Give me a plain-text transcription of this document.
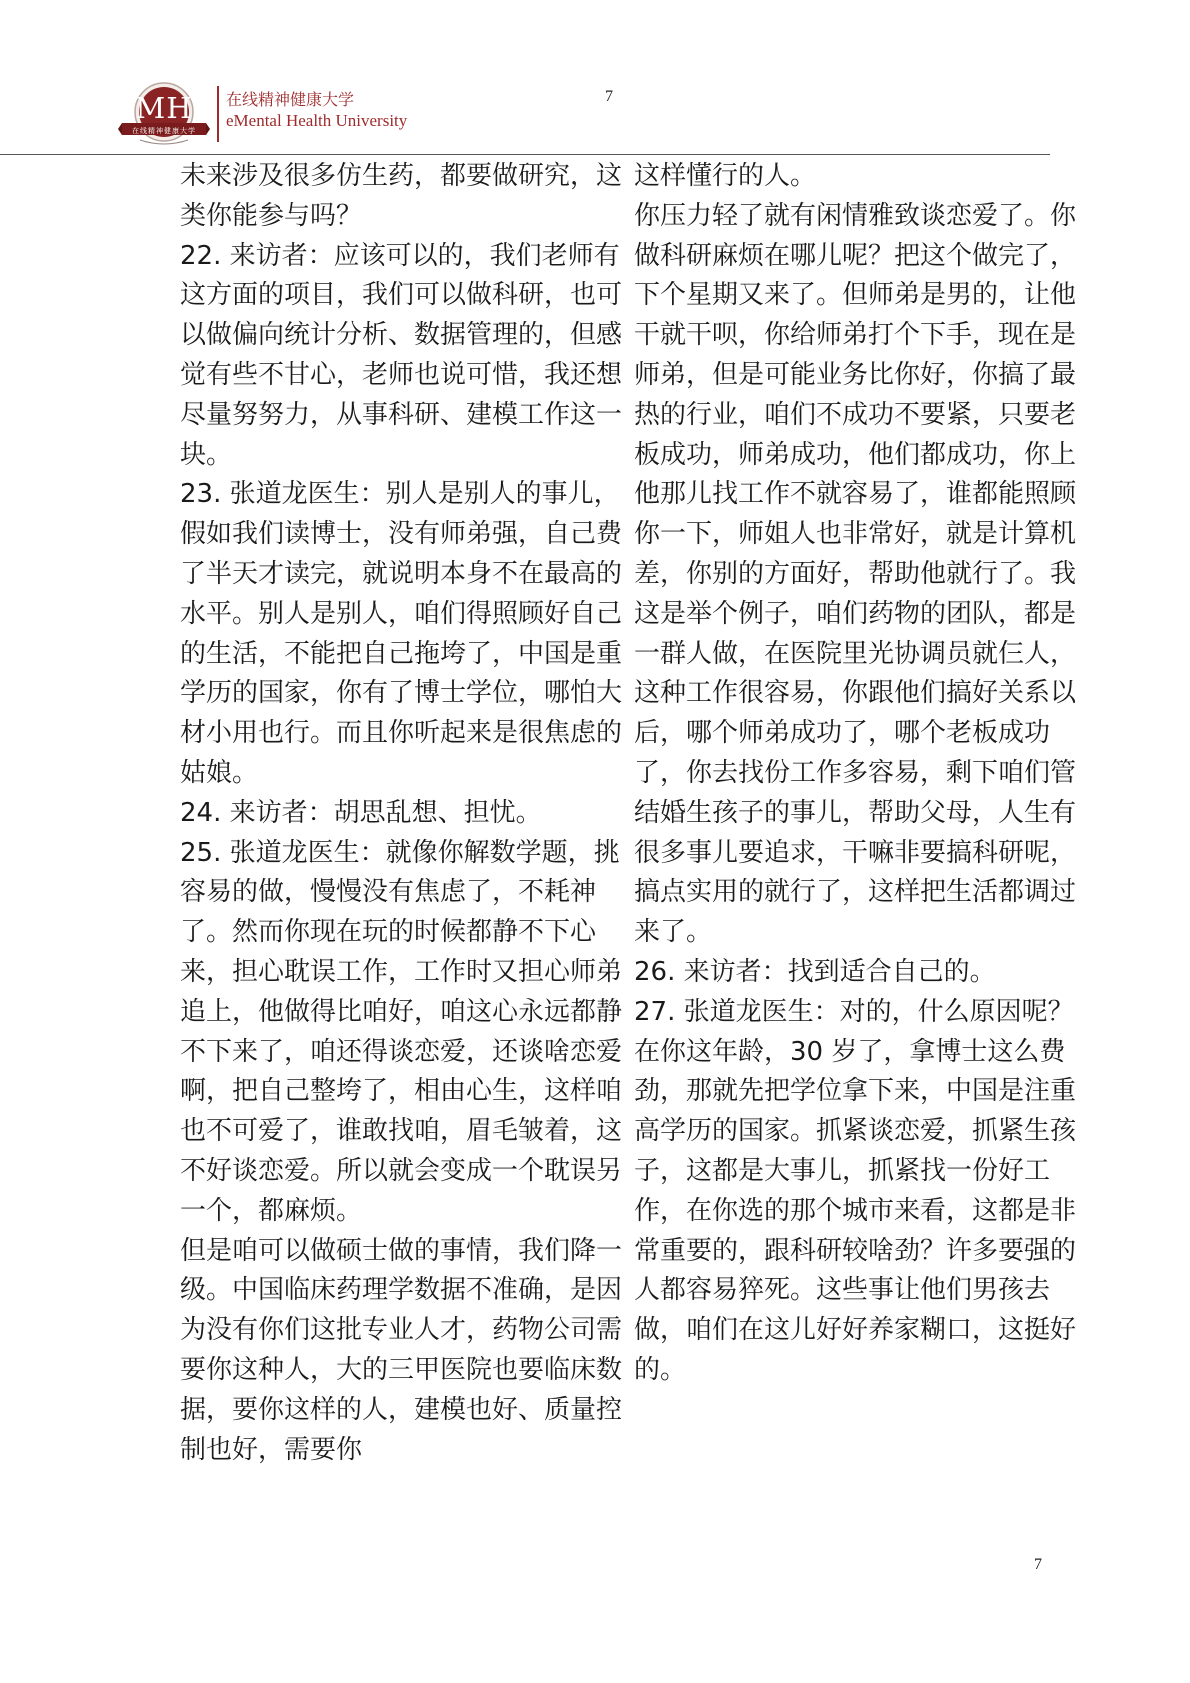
MH
在线精神健康大学
在线精神健康大学
eMental Health University
7

未来涉及很多仿生药，都要做研究，这类你能参与吗？

22. 来访者：应该可以的，我们老师有这方面的项目，我们可以做科研，也可以做偏向统计分析、数据管理的，但感觉有些不甘心，老师也说可惜，我还想尽量努努力，从事科研、建模工作这一块。

23. 张道龙医生：别人是别人的事儿，假如我们读博士，没有师弟强，自己费了半天才读完，就说明本身不在最高的水平。别人是别人，咱们得照顾好自己的生活，不能把自己拖垮了，中国是重学历的国家，你有了博士学位，哪怕大材小用也行。而且你听起来是很焦虑的姑娘。

24. 来访者：胡思乱想、担忧。

25. 张道龙医生：就像你解数学题，挑容易的做，慢慢没有焦虑了，不耗神了。然而你现在玩的时候都静不下心来，担心耽误工作，工作时又担心师弟追上，他做得比咱好，咱这心永远都静不下来了，咱还得谈恋爱，还谈啥恋爱啊，把自己整垮了，相由心生，这样咱也不可爱了，谁敢找咱，眉毛皱着，这不好谈恋爱。所以就会变成一个耽误另一个，都麻烦。

但是咱可以做硕士做的事情，我们降一级。中国临床药理学数据不准确，是因为没有你们这批专业人才，药物公司需要你这种人，大的三甲医院也要临床数据，要你这样的人，建模也好、质量控制也好，需要你

这样懂行的人。

你压力轻了就有闲情雅致谈恋爱了。你做科研麻烦在哪儿呢？把这个做完了，下个星期又来了。但师弟是男的，让他干就干呗，你给师弟打个下手，现在是师弟，但是可能业务比你好，你搞了最热的行业，咱们不成功不要紧，只要老板成功，师弟成功，他们都成功，你上他那儿找工作不就容易了，谁都能照顾你一下，师姐人也非常好，就是计算机差，你别的方面好，帮助他就行了。我这是举个例子，咱们药物的团队，都是一群人做，在医院里光协调员就仨人，这种工作很容易，你跟他们搞好关系以后，哪个师弟成功了，哪个老板成功了，你去找份工作多容易，剩下咱们管结婚生孩子的事儿，帮助父母，人生有很多事儿要追求，干嘛非要搞科研呢，搞点实用的就行了，这样把生活都调过来了。

26. 来访者：找到适合自己的。

27. 张道龙医生：对的，什么原因呢？在你这年龄，30 岁了，拿博士这么费劲，那就先把学位拿下来，中国是注重高学历的国家。抓紧谈恋爱，抓紧生孩子，这都是大事儿，抓紧找一份好工作，在你选的那个城市来看，这都是非常重要的，跟科研较啥劲？许多要强的人都容易猝死。这些事让他们男孩去做，咱们在这儿好好养家糊口，这挺好的。

7
